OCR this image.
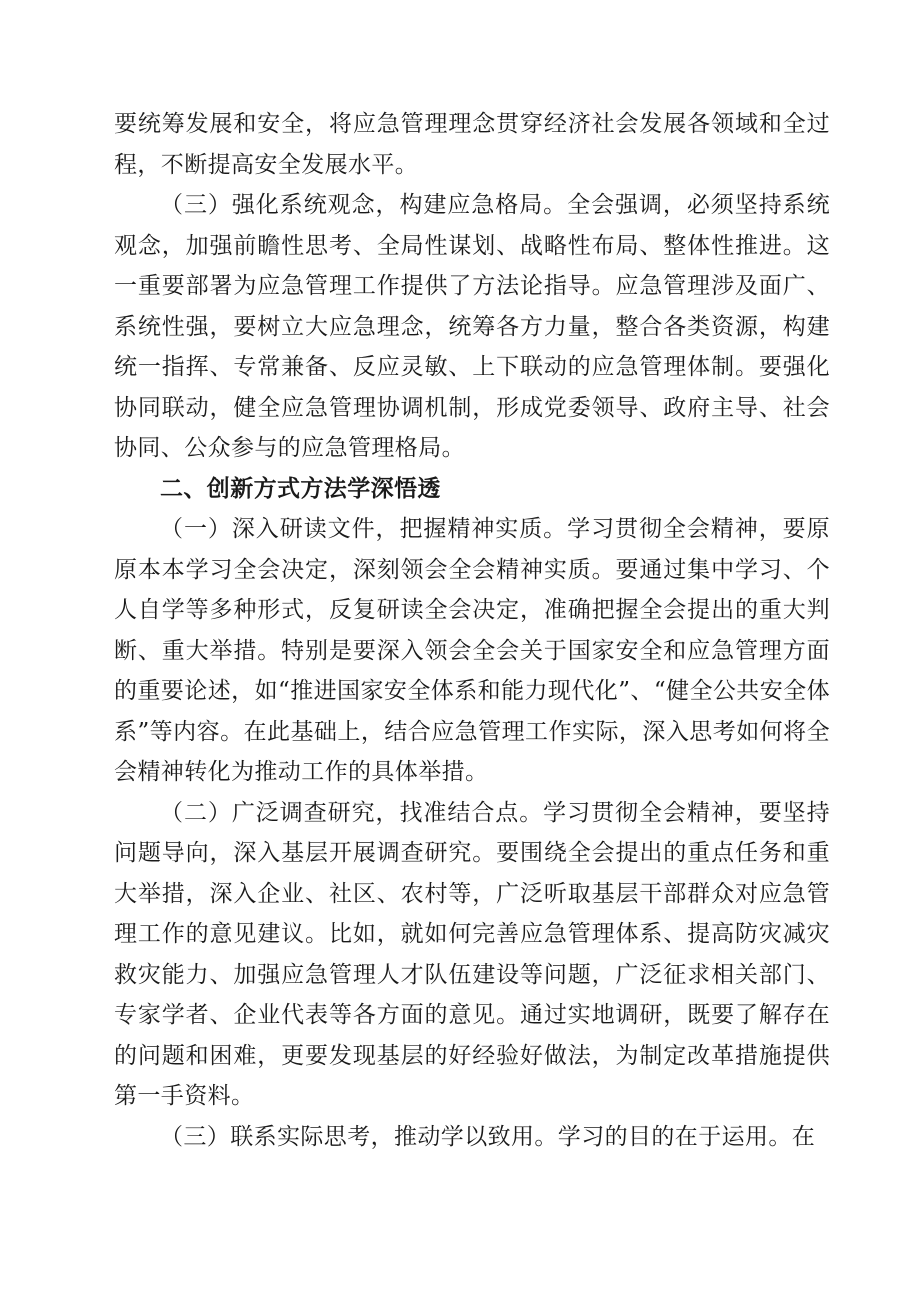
要统筹发展和安全，将应急管理理念贯穿经济社会发展各领域和全过程，不断提高安全发展水平。

（三）强化系统观念，构建应急格局。全会强调，必须坚持系统观念，加强前瞻性思考、全局性谋划、战略性布局、整体性推进。这一重要部署为应急管理工作提供了方法论指导。应急管理涉及面广、系统性强，要树立大应急理念，统筹各方力量，整合各类资源，构建统一指挥、专常兼备、反应灵敏、上下联动的应急管理体制。要强化协同联动，健全应急管理协调机制，形成党委领导、政府主导、社会协同、公众参与的应急管理格局。

二、创新方式方法学深悟透

（一）深入研读文件，把握精神实质。学习贯彻全会精神，要原原本本学习全会决定，深刻领会全会精神实质。要通过集中学习、个人自学等多种形式，反复研读全会决定，准确把握全会提出的重大判断、重大举措。特别是要深入领会全会关于国家安全和应急管理方面的重要论述，如“推进国家安全体系和能力现代化”、“健全公共安全体系”等内容。在此基础上，结合应急管理工作实际，深入思考如何将全会精神转化为推动工作的具体举措。

（二）广泛调查研究，找准结合点。学习贯彻全会精神，要坚持问题导向，深入基层开展调查研究。要围绕全会提出的重点任务和重大举措，深入企业、社区、农村等，广泛听取基层干部群众对应急管理工作的意见建议。比如，就如何完善应急管理体系、提高防灾减灾救灾能力、加强应急管理人才队伍建设等问题，广泛征求相关部门、专家学者、企业代表等各方面的意见。通过实地调研，既要了解存在的问题和困难，更要发现基层的好经验好做法，为制定改革措施提供第一手资料。

（三）联系实际思考，推动学以致用。学习的目的在于运用。在
